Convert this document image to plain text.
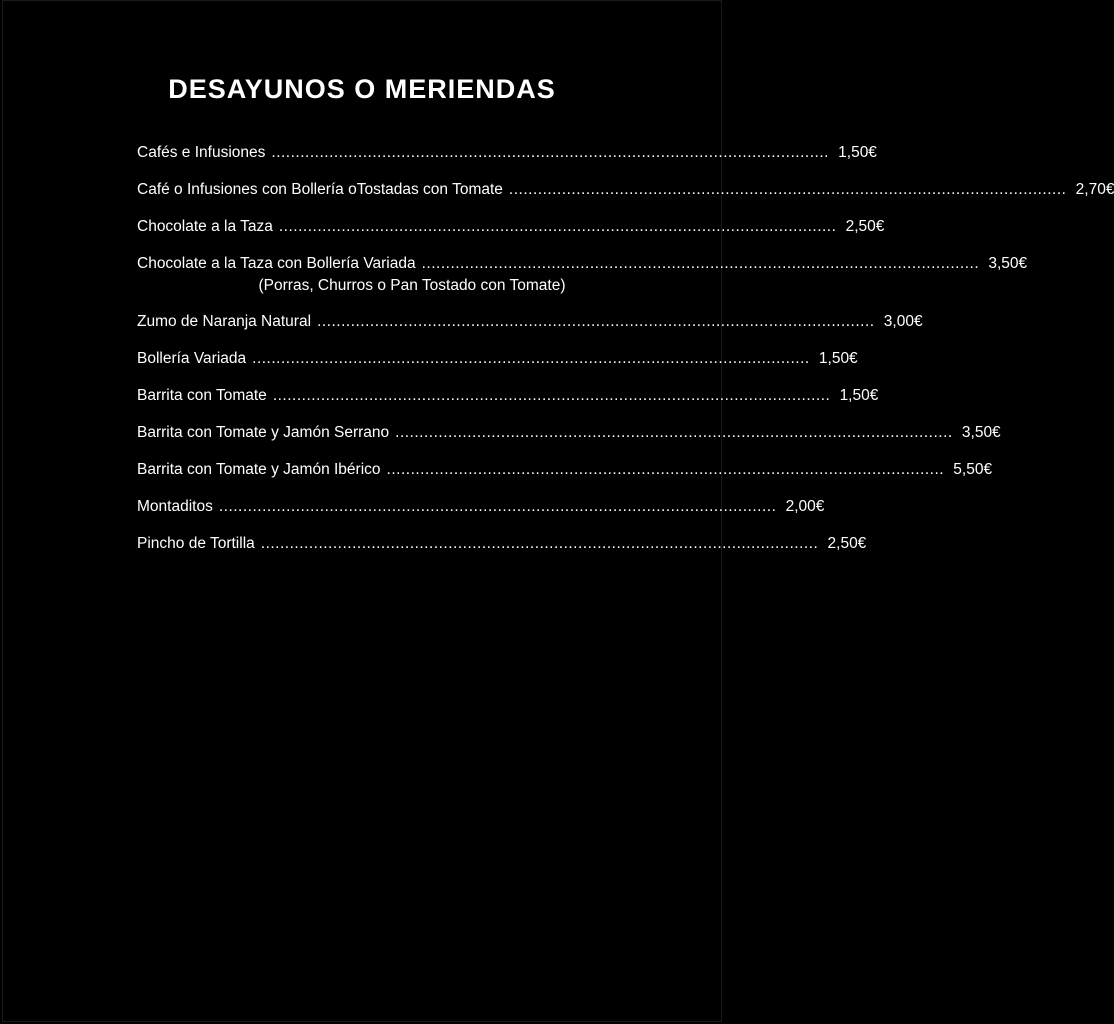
DESAYUNOS O MERIENDAS
Cafés e Infusiones .................................................................................................................... 1,50€
Café o Infusiones con Bollería oTostadas con Tomate .................................................................................................................... 2,70€
Chocolate a la Taza .................................................................................................................... 2,50€
Chocolate a la Taza con Bollería Variada .................................................................................................................... 3,50€
(Porras, Churros o Pan Tostado con Tomate)
Zumo de Naranja Natural .................................................................................................................... 3,00€
Bollería Variada .................................................................................................................... 1,50€
Barrita con Tomate .................................................................................................................... 1,50€
Barrita con Tomate y Jamón Serrano .................................................................................................................... 3,50€
Barrita con Tomate y Jamón Ibérico .................................................................................................................... 5,50€
Montaditos .................................................................................................................... 2,00€
Pincho de Tortilla .................................................................................................................... 2,50€
